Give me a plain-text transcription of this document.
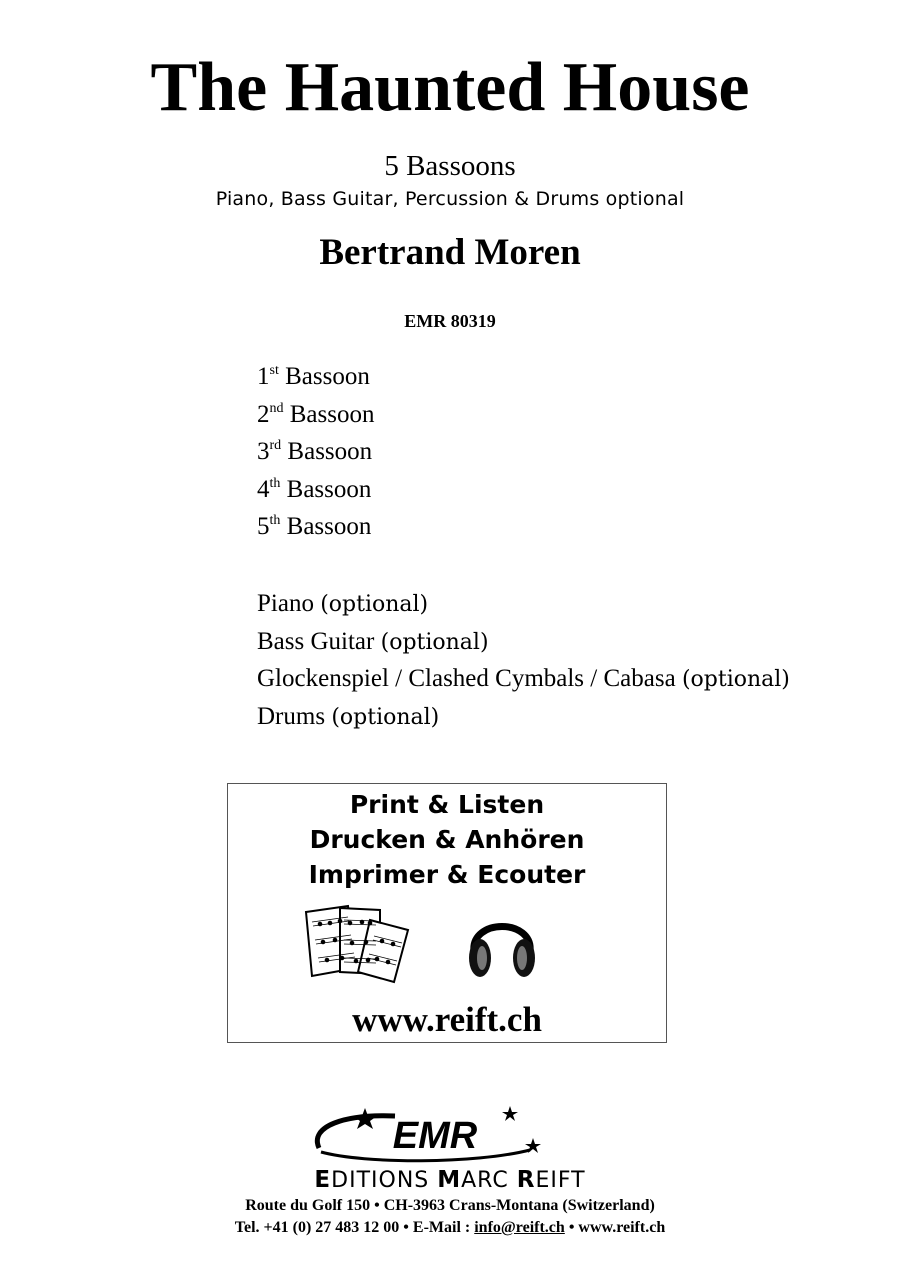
The Haunted House
5 Bassoons
Piano, Bass Guitar, Percussion & Drums optional
Bertrand Moren
EMR 80319
1st Bassoon
2nd Bassoon
3rd Bassoon
4th Bassoon
5th Bassoon
Piano (optional)
Bass Guitar (optional)
Glockenspiel / Clashed Cymbals / Cabasa (optional)
Drums (optional)
Print & Listen
Drucken & Anhören
Imprimer & Ecouter
www.reift.ch
EMR
EDITIONS MARC REIFT
Route du Golf 150 • CH-3963 Crans-Montana (Switzerland)
Tel. +41 (0) 27 483 12 00 • E-Mail : info@reift.ch • www.reift.ch
